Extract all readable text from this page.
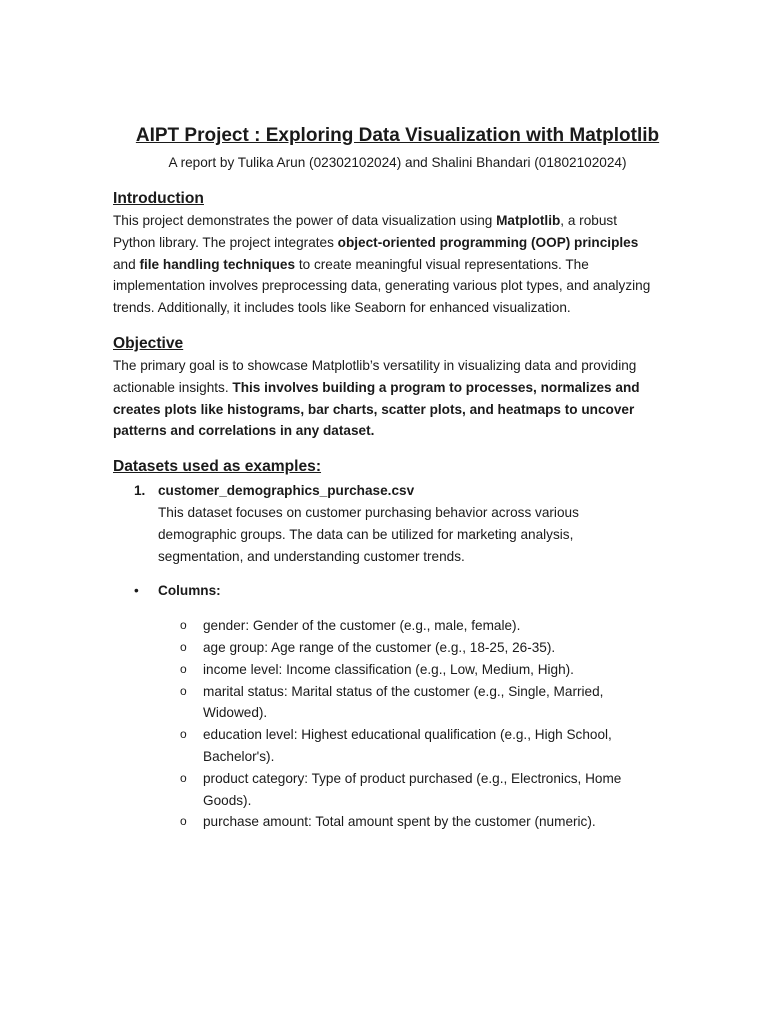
AIPT Project : Exploring Data Visualization with Matplotlib

A report by Tulika Arun (02302102024) and Shalini Bhandari (01802102024)

Introduction

This project demonstrates the power of data visualization using Matplotlib, a robust Python library. The project integrates object-oriented programming (OOP) principles and file handling techniques to create meaningful visual representations. The implementation involves preprocessing data, generating various plot types, and analyzing trends. Additionally, it includes tools like Seaborn for enhanced visualization.

Objective

The primary goal is to showcase Matplotlib’s versatility in visualizing data and providing actionable insights. This involves building a program to processes, normalizes and creates plots like histograms, bar charts, scatter plots, and heatmaps to uncover patterns and correlations in any dataset.

Datasets used as examples:
1. customer_demographics_purchase.csv

This dataset focuses on customer purchasing behavior across various demographic groups. The data can be utilized for marketing analysis, segmentation, and understanding customer trends.

• Columns:
o gender: Gender of the customer (e.g., male, female).
o age group: Age range of the customer (e.g., 18-25, 26-35).
o income level: Income classification (e.g., Low, Medium, High).
o marital status: Marital status of the customer (e.g., Single, Married, Widowed).
o education level: Highest educational qualification (e.g., High School, Bachelor's).
o product category: Type of product purchased (e.g., Electronics, Home Goods).
o purchase amount: Total amount spent by the customer (numeric).
